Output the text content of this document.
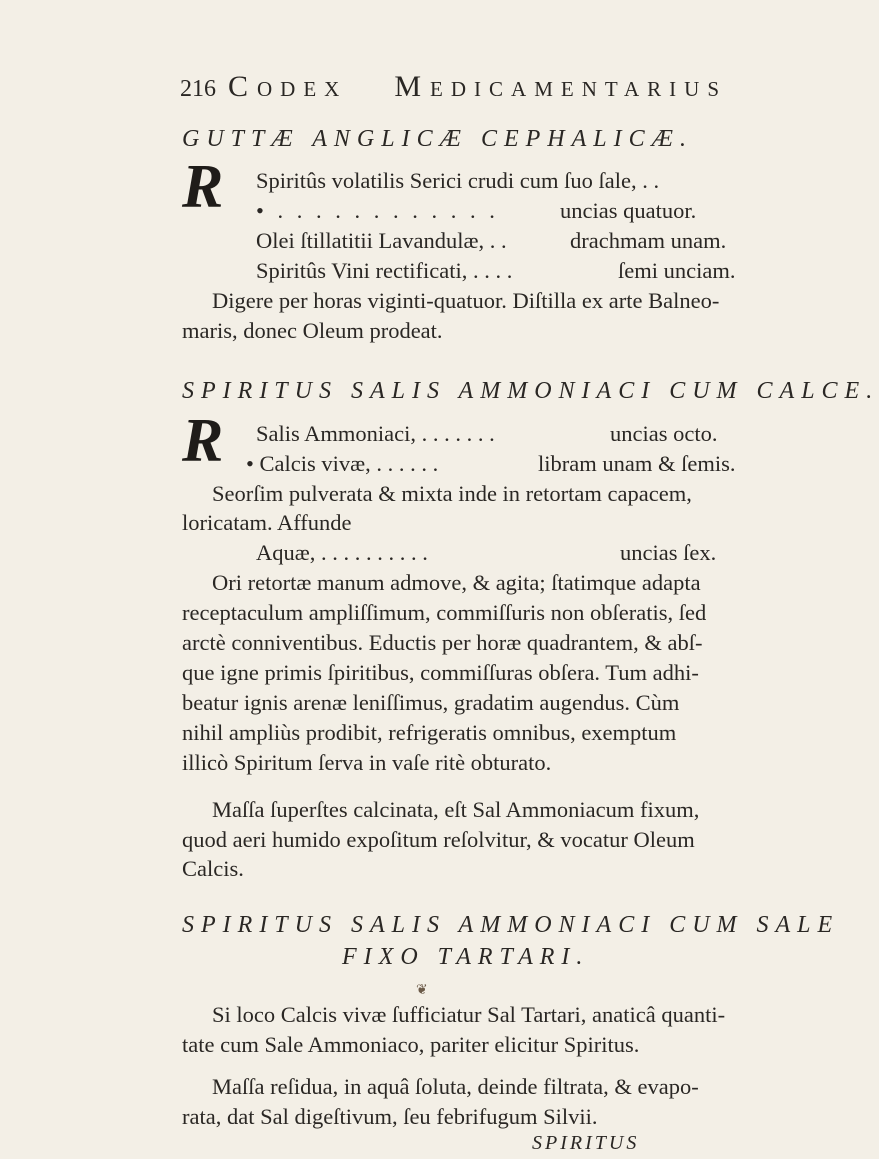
216 CODEX MEDICAMENTARIUS
GUTTÆ ANGLICÆ CEPHALICÆ.
R Spiritûs volatilis Serici crudi cum ſuo ſale, . .
• . . . . . . . . . . . .	uncias quatuor.
Olei ſtillatitii Lavandulæ, . .	drachmam unam.
Spiritûs Vini rectificati, . . . .	ſemi unciam.
Digere per horas viginti-quatuor. Diſtilla ex arte Balneo-
maris, donec Oleum prodeat.
SPIRITUS SALIS AMMONIACI CUM CALCE.
R Salis Ammoniaci, . . . . . . .	uncias octo.
• Calcis vivæ, . . . . . .	libram unam & ſemis.
Seorſim pulverata & mixta inde in retortam capacem,
loricatam. Affunde
Aquæ, . . . . . . . . . .	uncias ſex.
Ori retortæ manum admove, & agita; ſtatimque adapta
receptaculum ampliſſimum, commiſſuris non obſeratis, ſed
arctè conniventibus. Eductis per horæ quadrantem, & abſ-
que igne primis ſpiritibus, commiſſuras obſera. Tum adhi-
beatur ignis arenæ leniſſimus, gradatim augendus. Cùm
nihil ampliùs prodibit, refrigeratis omnibus, exemptum
illicò Spiritum ſerva in vaſe ritè obturato.
Maſſa ſuperſtes calcinata, eſt Sal Ammoniacum fixum,
quod aeri humido expoſitum reſolvitur, & vocatur Oleum
Calcis.
SPIRITUS SALIS AMMONIACI CUM SALE
FIXO TARTARI.
❦
Si loco Calcis vivæ ſufficiatur Sal Tartari, anaticâ quanti-
tate cum Sale Ammoniaco, pariter elicitur Spiritus.
Maſſa reſidua, in aquâ ſoluta, deinde filtrata, & evapo-
rata, dat Sal digeſtivum, ſeu febrifugum Silvii.
SPIRITUS
